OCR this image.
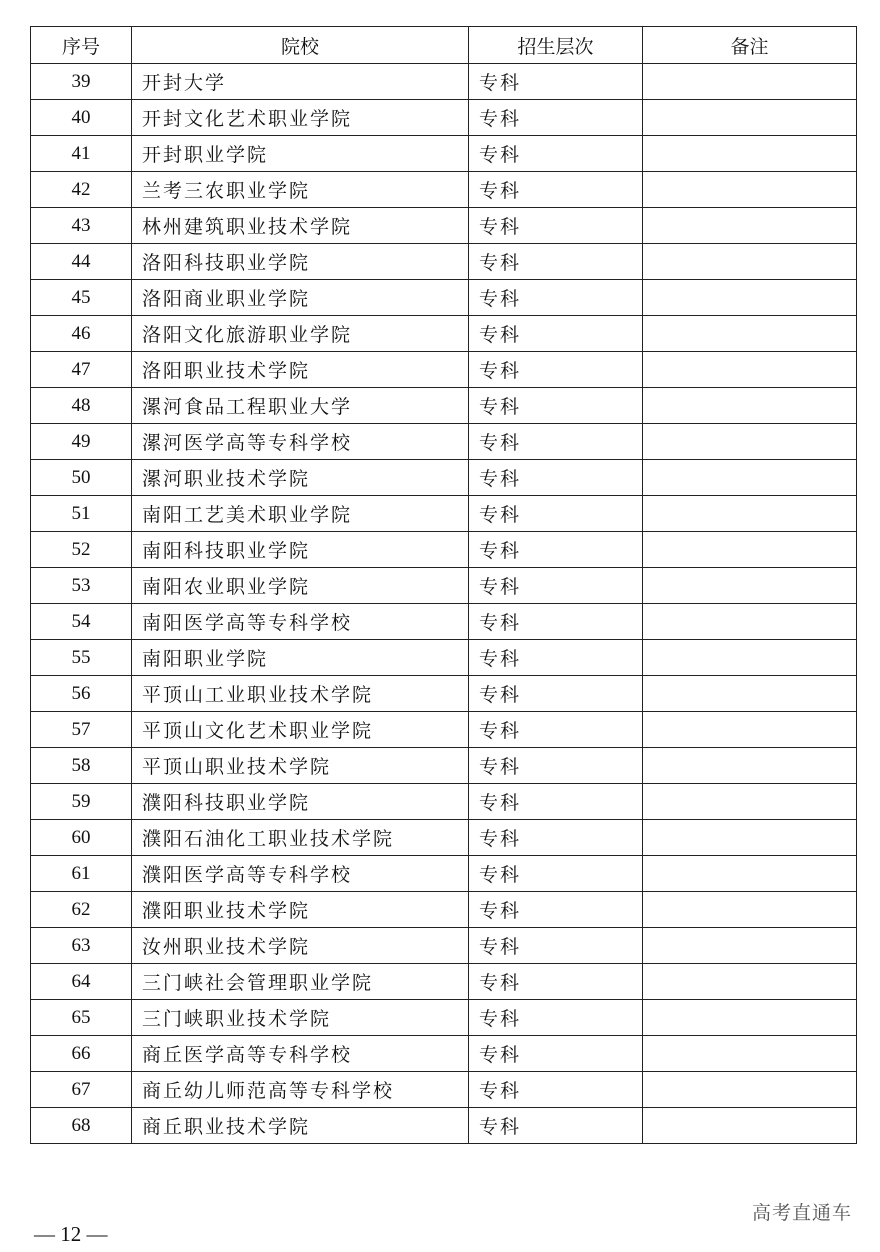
序号	院校	招生层次	备注
39	开封大学	专科	
40	开封文化艺术职业学院	专科	
41	开封职业学院	专科	
42	兰考三农职业学院	专科	
43	林州建筑职业技术学院	专科	
44	洛阳科技职业学院	专科	
45	洛阳商业职业学院	专科	
46	洛阳文化旅游职业学院	专科	
47	洛阳职业技术学院	专科	
48	漯河食品工程职业大学	专科	
49	漯河医学高等专科学校	专科	
50	漯河职业技术学院	专科	
51	南阳工艺美术职业学院	专科	
52	南阳科技职业学院	专科	
53	南阳农业职业学院	专科	
54	南阳医学高等专科学校	专科	
55	南阳职业学院	专科	
56	平顶山工业职业技术学院	专科	
57	平顶山文化艺术职业学院	专科	
58	平顶山职业技术学院	专科	
59	濮阳科技职业学院	专科	
60	濮阳石油化工职业技术学院	专科	
61	濮阳医学高等专科学校	专科	
62	濮阳职业技术学院	专科	
63	汝州职业技术学院	专科	
64	三门峡社会管理职业学院	专科	
65	三门峡职业技术学院	专科	
66	商丘医学高等专科学校	专科	
67	商丘幼儿师范高等专科学校	专科	
68	商丘职业技术学院	专科	
高考直通车
— 12 —
